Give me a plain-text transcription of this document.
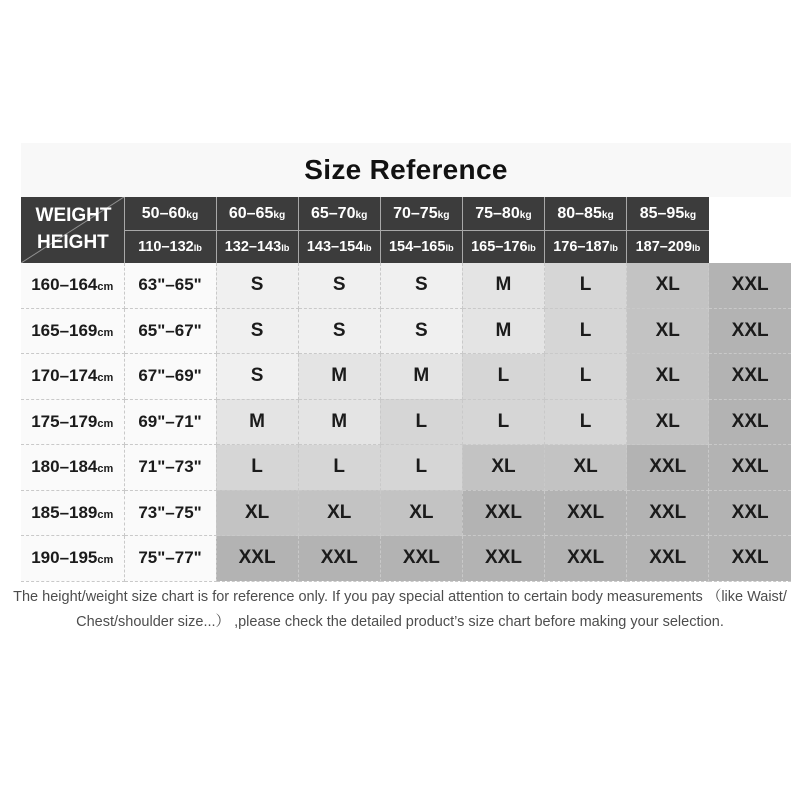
Size Reference
WEIGHT
HEIGHT	50–60kg	60–65kg	65–70kg	70–75kg	75–80kg	80–85kg	85–95kg	
	110–132lb	132–143lb	143–154lb	154–165lb	165–176lb	176–187lb	187–209lb	
160–164cm	63"–65"	S	S	S	M	L	XL	XXL
165–169cm	65"–67"	S	S	S	M	L	XL	XXL
170–174cm	67"–69"	S	M	M	L	L	XL	XXL
175–179cm	69"–71"	M	M	L	L	L	XL	XXL
180–184cm	71"–73"	L	L	L	XL	XL	XXL	XXL
185–189cm	73"–75"	XL	XL	XL	XXL	XXL	XXL	XXL
190–195cm	75"–77"	XXL	XXL	XXL	XXL	XXL	XXL	XXL
The height/weight size chart is for reference only. If you pay special attention to certain body measurements （like Waist/
Chest/shoulder size...） ,please check the detailed product’s size chart before making your selection.
